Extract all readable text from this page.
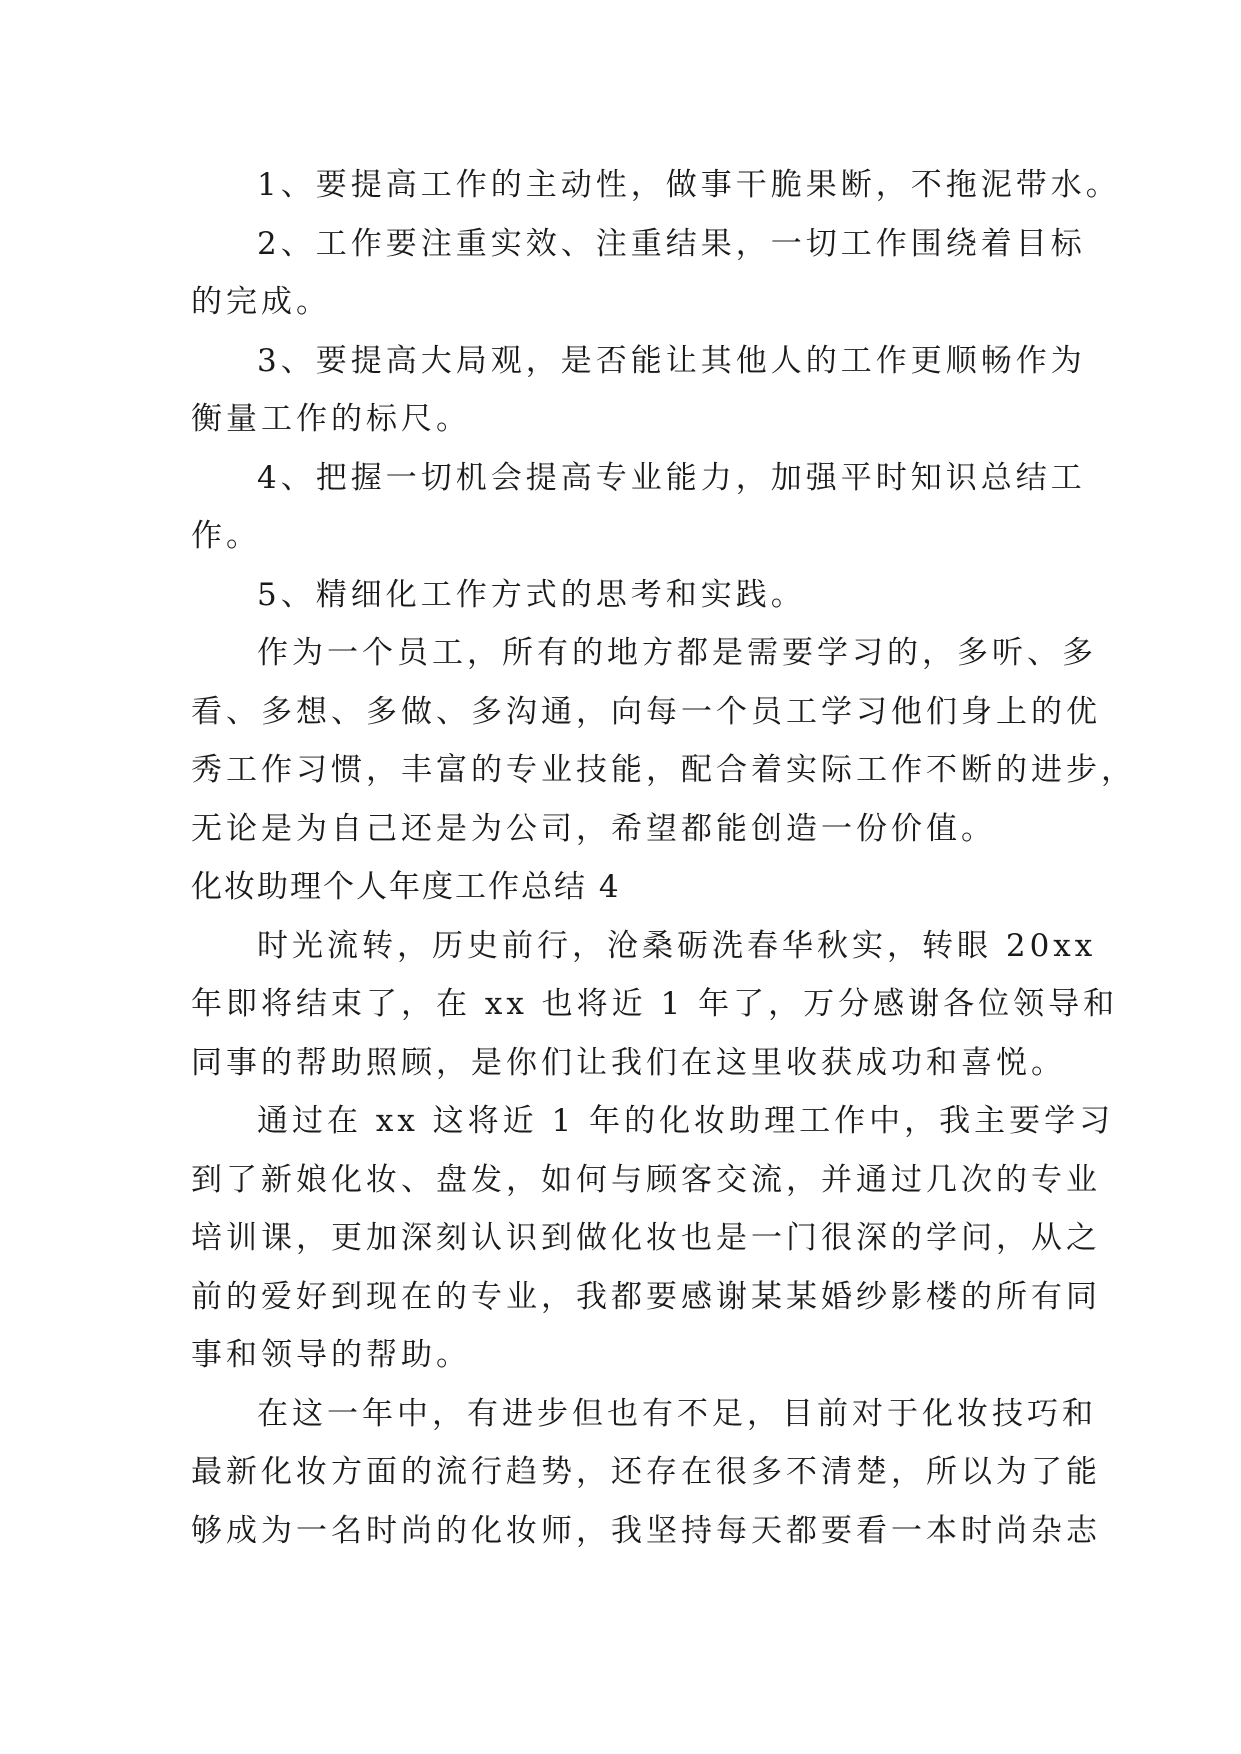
1、要提高工作的主动性，做事干脆果断，不拖泥带水。
2、工作要注重实效、注重结果，一切工作围绕着目标
的完成。
3、要提高大局观，是否能让其他人的工作更顺畅作为
衡量工作的标尺。
4、把握一切机会提高专业能力，加强平时知识总结工
作。
5、精细化工作方式的思考和实践。
作为一个员工，所有的地方都是需要学习的，多听、多
看、多想、多做、多沟通，向每一个员工学习他们身上的优
秀工作习惯，丰富的专业技能，配合着实际工作不断的进步，
无论是为自己还是为公司，希望都能创造一份价值。
化妆助理个人年度工作总结 4
时光流转，历史前行，沧桑砺洗春华秋实，转眼 20xx
年即将结束了，在 xx 也将近 1 年了，万分感谢各位领导和
同事的帮助照顾，是你们让我们在这里收获成功和喜悦。
通过在 xx 这将近 1 年的化妆助理工作中，我主要学习
到了新娘化妆、盘发，如何与顾客交流，并通过几次的专业
培训课，更加深刻认识到做化妆也是一门很深的学问，从之
前的爱好到现在的专业，我都要感谢某某婚纱影楼的所有同
事和领导的帮助。
在这一年中，有进步但也有不足，目前对于化妆技巧和
最新化妆方面的流行趋势，还存在很多不清楚，所以为了能
够成为一名时尚的化妆师，我坚持每天都要看一本时尚杂志
